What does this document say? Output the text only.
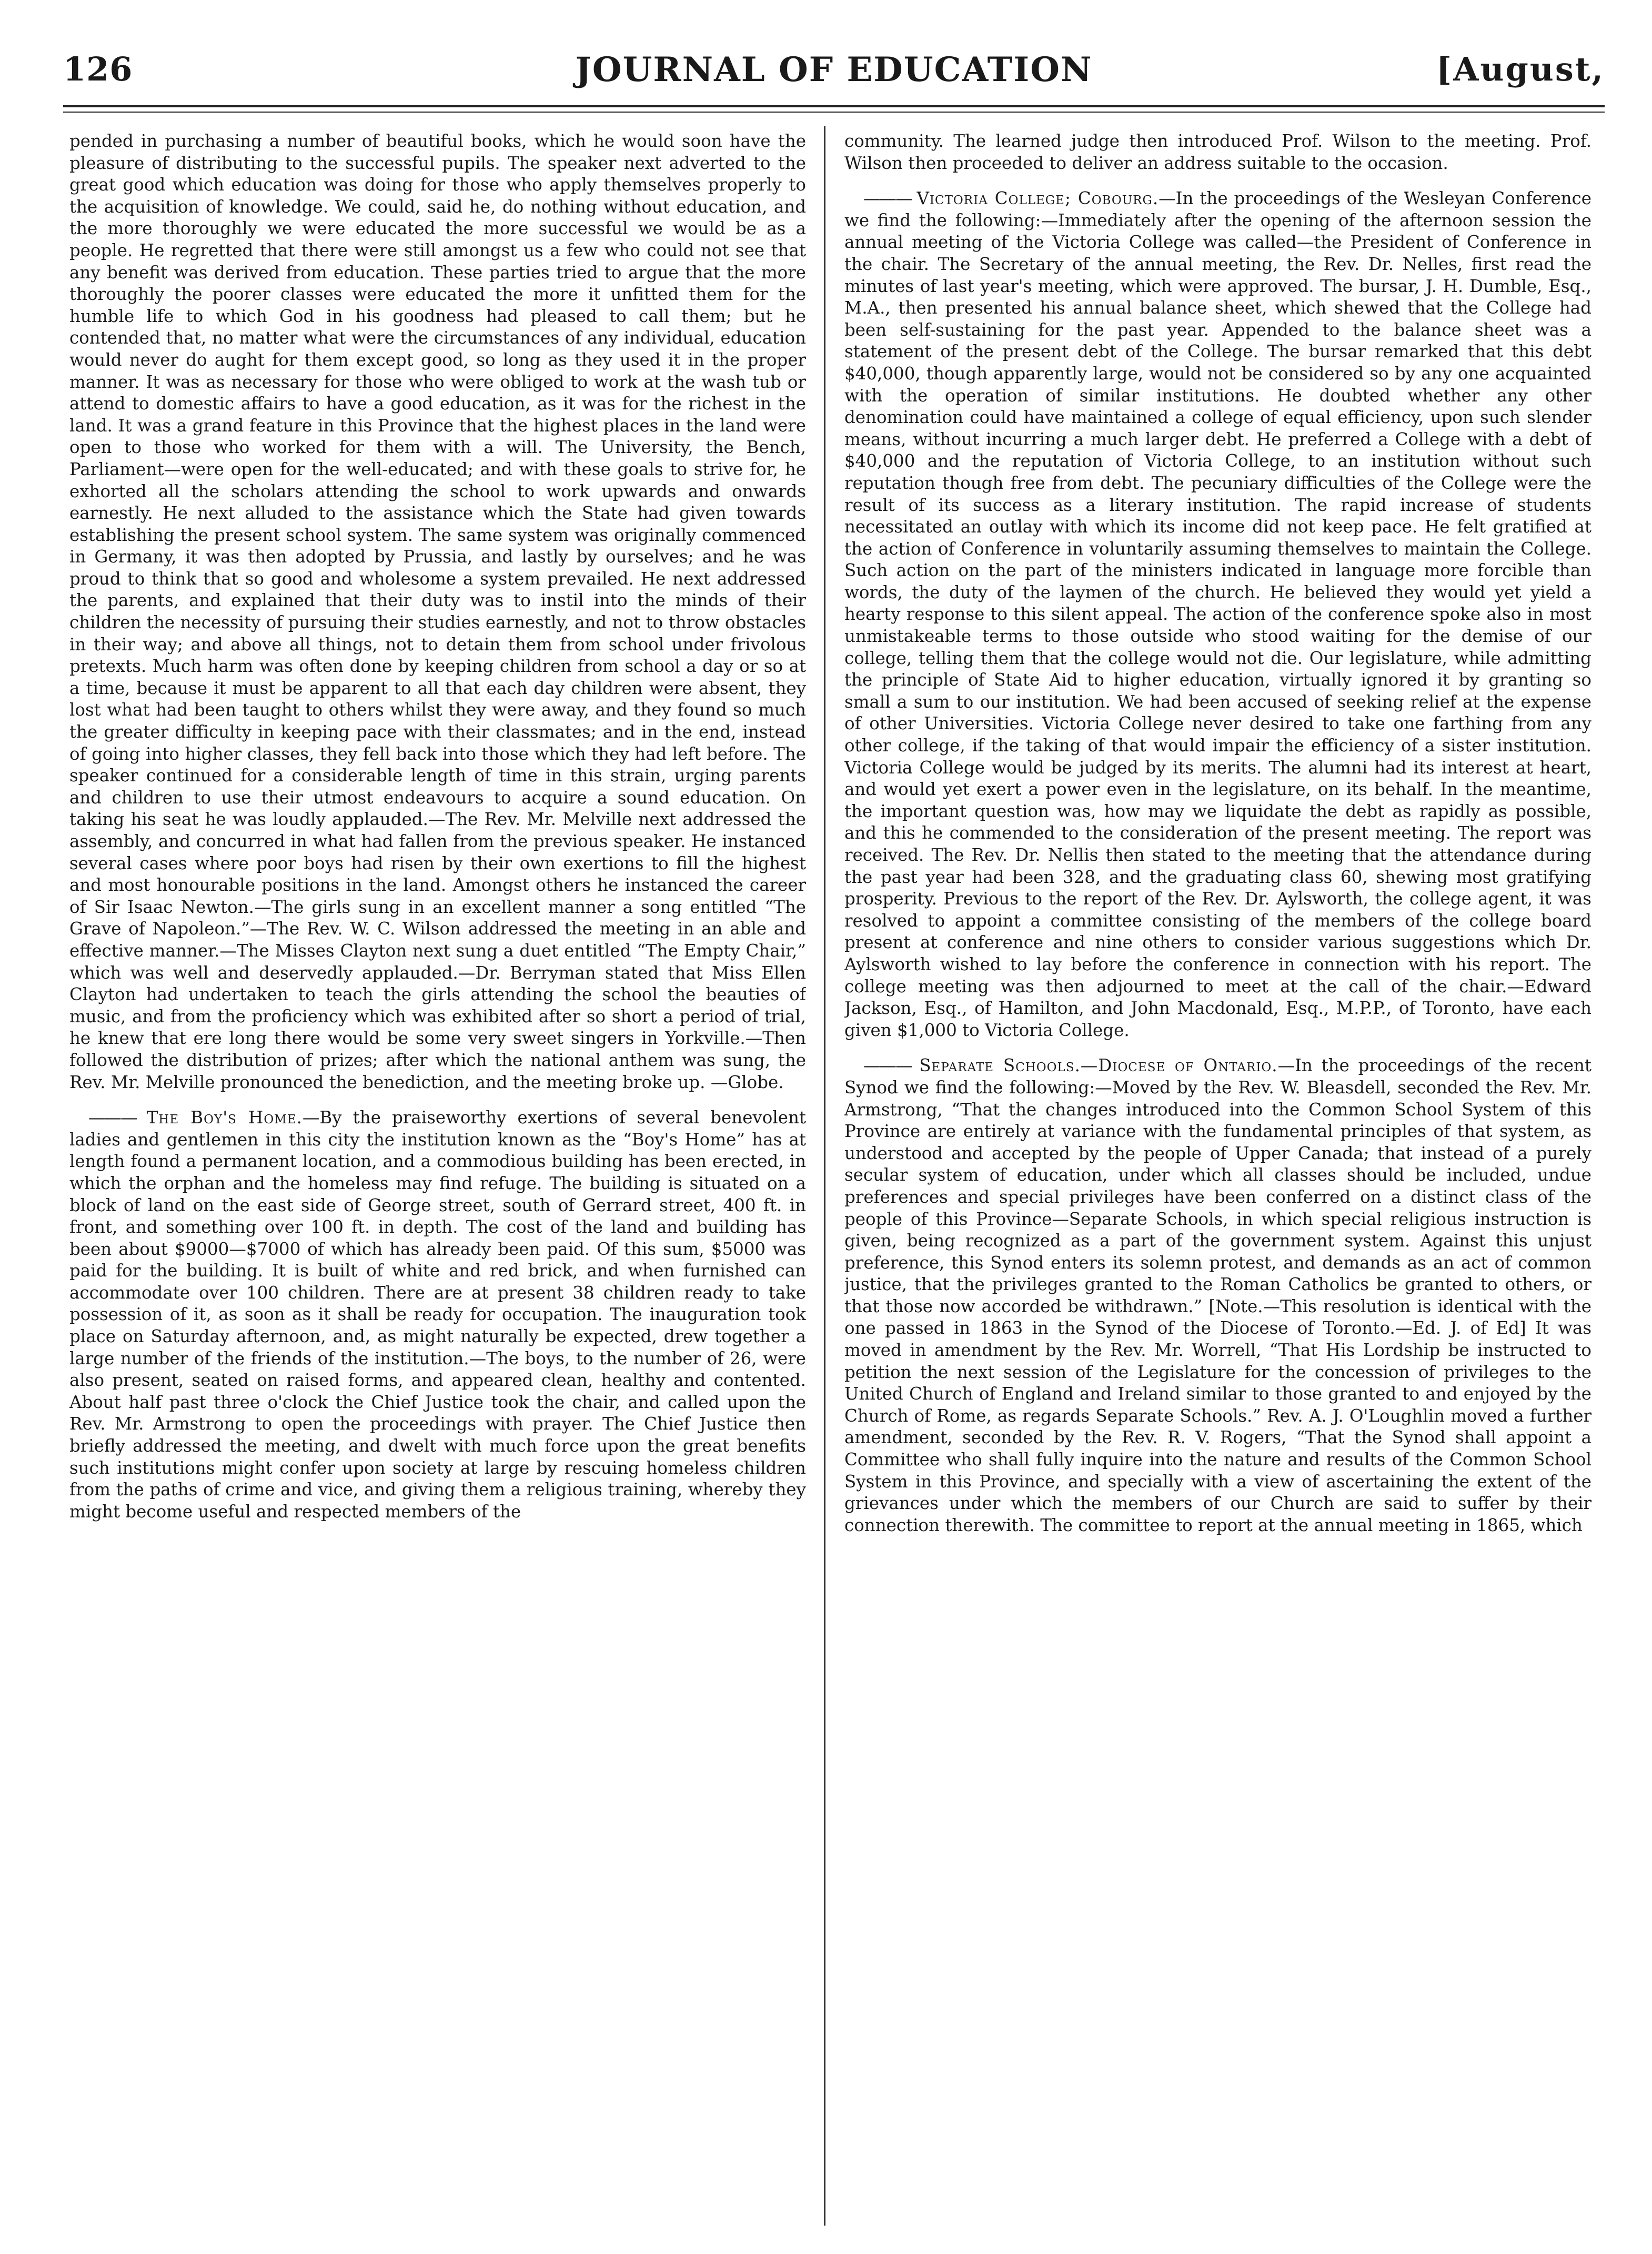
126	JOURNAL OF EDUCATION	[August,

pended in purchasing a number of beautiful books, which he would soon have the pleasure of distributing to the successful pupils. The speaker next adverted to the great good which education was doing for those who apply themselves properly to the acquisition of knowledge. We could, said he, do nothing without education, and the more thoroughly we were educated the more successful we would be as a people. He regretted that there were still amongst us a few who could not see that any benefit was derived from education. These parties tried to argue that the more thoroughly the poorer classes were educated the more it unfitted them for the humble life to which God in his goodness had pleased to call them; but he contended that, no matter what were the circumstances of any individual, education would never do aught for them except good, so long as they used it in the proper manner. It was as necessary for those who were obliged to work at the wash tub or attend to domestic affairs to have a good education, as it was for the richest in the land. It was a grand feature in this Province that the highest places in the land were open to those who worked for them with a will. The University, the Bench, Parliament—were open for the well-educated; and with these goals to strive for, he exhorted all the scholars attending the school to work upwards and onwards earnestly. He next alluded to the assistance which the State had given towards establishing the present school system. The same system was originally commenced in Germany, it was then adopted by Prussia, and lastly by ourselves; and he was proud to think that so good and wholesome a system prevailed. He next addressed the parents, and explained that their duty was to instil into the minds of their children the necessity of pursuing their studies earnestly, and not to throw obstacles in their way; and above all things, not to detain them from school under frivolous pretexts. Much harm was often done by keeping children from school a day or so at a time, because it must be apparent to all that each day children were absent, they lost what had been taught to others whilst they were away, and they found so much the greater difficulty in keeping pace with their classmates; and in the end, instead of going into higher classes, they fell back into those which they had left before. The speaker continued for a considerable length of time in this strain, urging parents and children to use their utmost endeavours to acquire a sound education. On taking his seat he was loudly applauded.—The Rev. Mr. Melville next addressed the assembly, and concurred in what had fallen from the previous speaker. He instanced several cases where poor boys had risen by their own exertions to fill the highest and most honourable positions in the land. Amongst others he instanced the career of Sir Isaac Newton.—The girls sung in an excellent manner a song entitled “The Grave of Napoleon.”—The Rev. W. C. Wilson addressed the meeting in an able and effective manner.—The Misses Clayton next sung a duet entitled “The Empty Chair,” which was well and deservedly applauded.—Dr. Berryman stated that Miss Ellen Clayton had undertaken to teach the girls attending the school the beauties of music, and from the proficiency which was exhibited after so short a period of trial, he knew that ere long there would be some very sweet singers in Yorkville.—Then followed the distribution of prizes; after which the national anthem was sung, the Rev. Mr. Melville pronounced the benediction, and the meeting broke up. —Globe.

——— The Boy's Home.—By the praiseworthy exertions of several benevolent ladies and gentlemen in this city the institution known as the “Boy's Home” has at length found a permanent location, and a commodious building has been erected, in which the orphan and the homeless may find refuge. The building is situated on a block of land on the east side of George street, south of Gerrard street, 400 ft. in front, and something over 100 ft. in depth. The cost of the land and building has been about $9000—$7000 of which has already been paid. Of this sum, $5000 was paid for the building. It is built of white and red brick, and when furnished can accommodate over 100 children. There are at present 38 children ready to take possession of it, as soon as it shall be ready for occupation. The inauguration took place on Saturday afternoon, and, as might naturally be expected, drew together a large number of the friends of the institution.—The boys, to the number of 26, were also present, seated on raised forms, and appeared clean, healthy and contented. About half past three o'clock the Chief Justice took the chair, and called upon the Rev. Mr. Armstrong to open the proceedings with prayer. The Chief Justice then briefly addressed the meeting, and dwelt with much force upon the great benefits such institutions might confer upon society at large by rescuing homeless children from the paths of crime and vice, and giving them a religious training, whereby they might become useful and respected members of the

community. The learned judge then introduced Prof. Wilson to the meeting. Prof. Wilson then proceeded to deliver an address suitable to the occasion.

——— Victoria College; Cobourg.—In the proceedings of the Wesleyan Conference we find the following:—Immediately after the opening of the afternoon session the annual meeting of the Victoria College was called—the President of Conference in the chair. The Secretary of the annual meeting, the Rev. Dr. Nelles, first read the minutes of last year's meeting, which were approved. The bursar, J. H. Dumble, Esq., M.A., then presented his annual balance sheet, which shewed that the College had been self-sustaining for the past year. Appended to the balance sheet was a statement of the present debt of the College. The bursar remarked that this debt $40,000, though apparently large, would not be considered so by any one acquainted with the operation of similar institutions. He doubted whether any other denomination could have maintained a college of equal efficiency, upon such slender means, without incurring a much larger debt. He preferred a College with a debt of $40,000 and the reputation of Victoria College, to an institution without such reputation though free from debt. The pecuniary difficulties of the College were the result of its success as a literary institution. The rapid increase of students necessitated an outlay with which its income did not keep pace. He felt gratified at the action of Conference in voluntarily assuming themselves to maintain the College. Such action on the part of the ministers indicated in language more forcible than words, the duty of the laymen of the church. He believed they would yet yield a hearty response to this silent appeal. The action of the conference spoke also in most unmistakeable terms to those outside who stood waiting for the demise of our college, telling them that the college would not die. Our legislature, while admitting the principle of State Aid to higher education, virtually ignored it by granting so small a sum to our institution. We had been accused of seeking relief at the expense of other Universities. Victoria College never desired to take one farthing from any other college, if the taking of that would impair the efficiency of a sister institution. Victoria College would be judged by its merits. The alumni had its interest at heart, and would yet exert a power even in the legislature, on its behalf. In the meantime, the important question was, how may we liquidate the debt as rapidly as possible, and this he commended to the consideration of the present meeting. The report was received. The Rev. Dr. Nellis then stated to the meeting that the attendance during the past year had been 328, and the graduating class 60, shewing most gratifying prosperity. Previous to the report of the Rev. Dr. Aylsworth, the college agent, it was resolved to appoint a committee consisting of the members of the college board present at conference and nine others to consider various suggestions which Dr. Aylsworth wished to lay before the conference in connection with his report. The college meeting was then adjourned to meet at the call of the chair.—Edward Jackson, Esq., of Hamilton, and John Macdonald, Esq., M.P.P., of Toronto, have each given $1,000 to Victoria College.

——— Separate Schools.—Diocese of Ontario.—In the proceedings of the recent Synod we find the following:—Moved by the Rev. W. Bleasdell, seconded the Rev. Mr. Armstrong, “That the changes introduced into the Common School System of this Province are entirely at variance with the fundamental principles of that system, as understood and accepted by the people of Upper Canada; that instead of a purely secular system of education, under which all classes should be included, undue preferences and special privileges have been conferred on a distinct class of the people of this Province—Separate Schools, in which special religious instruction is given, being recognized as a part of the government system. Against this unjust preference, this Synod enters its solemn protest, and demands as an act of common justice, that the privileges granted to the Roman Catholics be granted to others, or that those now accorded be withdrawn.” [Note.—This resolution is identical with the one passed in 1863 in the Synod of the Diocese of Toronto.—Ed. J. of Ed] It was moved in amendment by the Rev. Mr. Worrell, “That His Lordship be instructed to petition the next session of the Legislature for the concession of privileges to the United Church of England and Ireland similar to those granted to and enjoyed by the Church of Rome, as regards Separate Schools.” Rev. A. J. O'Loughlin moved a further amendment, seconded by the Rev. R. V. Rogers, “That the Synod shall appoint a Committee who shall fully inquire into the nature and results of the Common School System in this Province, and specially with a view of ascertaining the extent of the grievances under which the members of our Church are said to suffer by their connection therewith. The committee to report at the annual meeting in 1865, which
